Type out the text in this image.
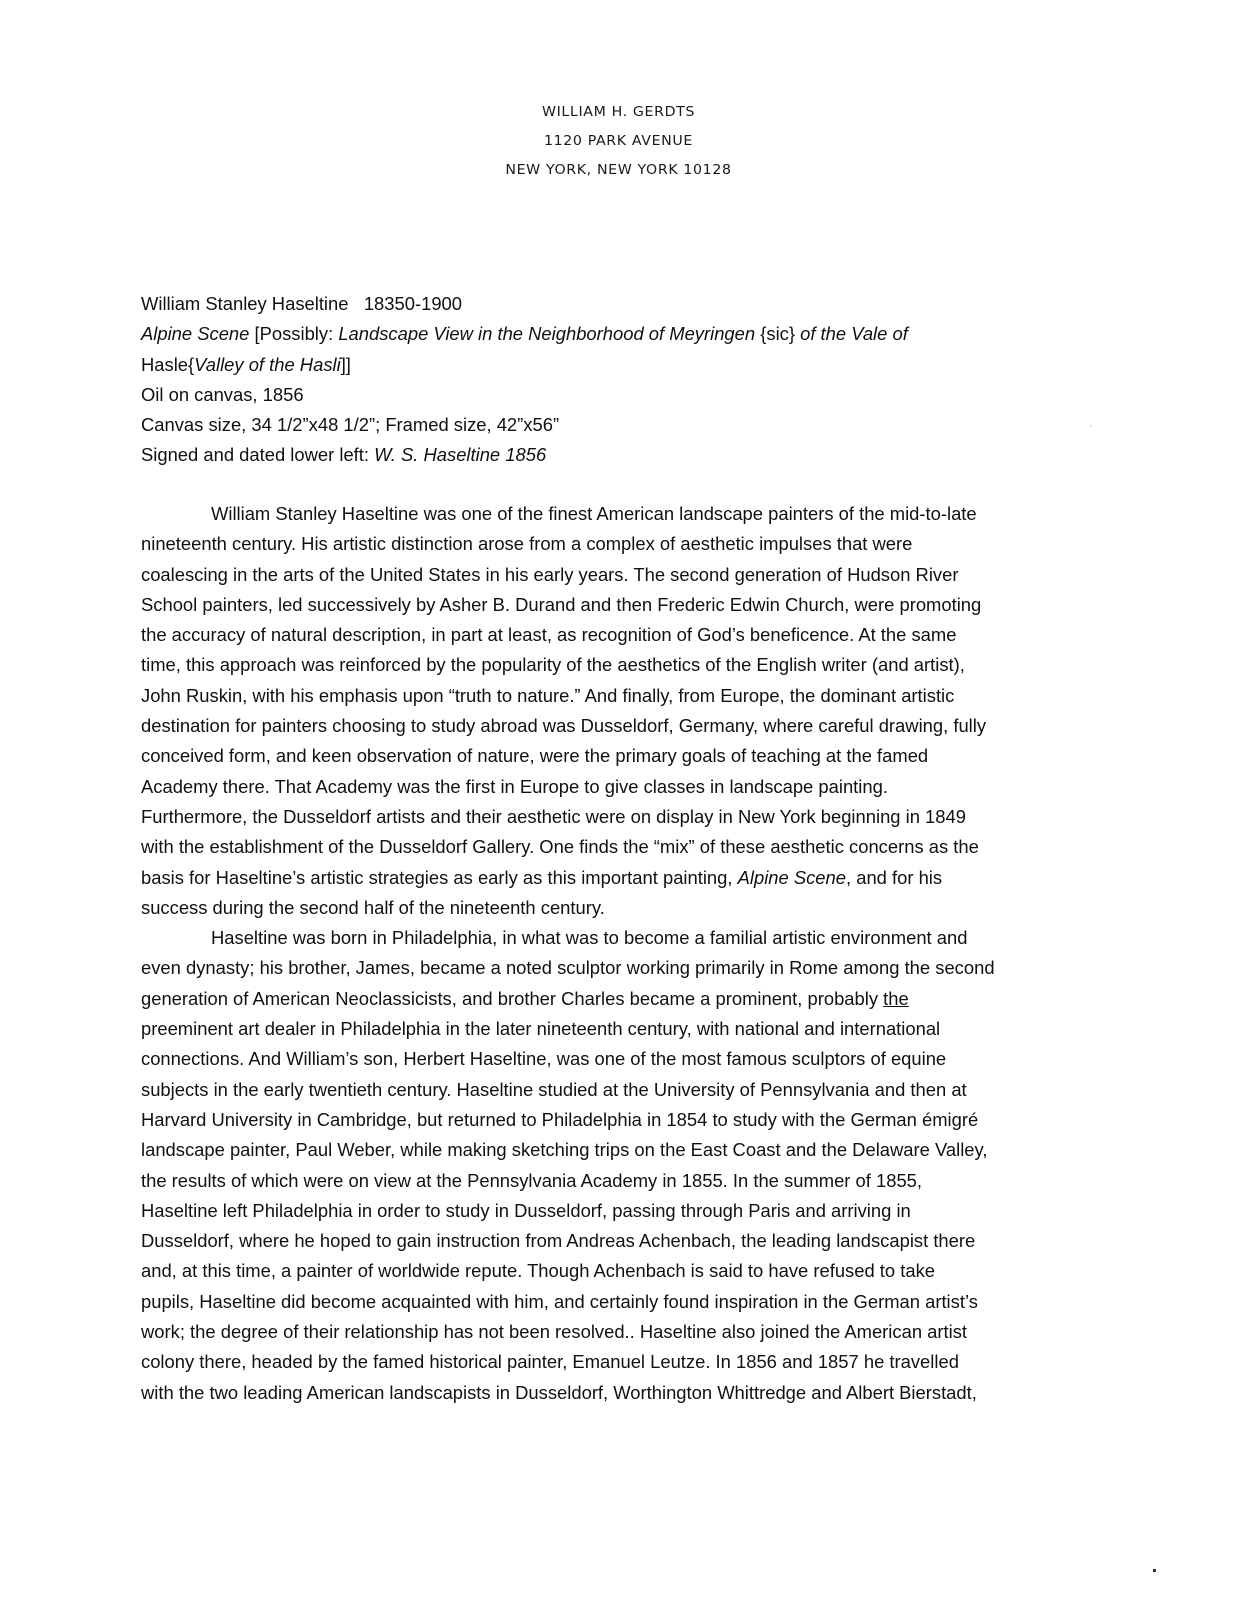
WILLIAM H. GERDTS
1120 PARK AVENUE
NEW YORK, NEW YORK 10128
William Stanley Haseltine 18350-1900
Alpine Scene [Possibly: Landscape View in the Neighborhood of Meyringen {sic} of the Vale of
Hasle{Valley of the Hasli]]
Oil on canvas, 1856
Canvas size, 34 1/2”x48 1/2”; Framed size, 42”x56”
Signed and dated lower left: W. S. Haseltine 1856
William Stanley Haseltine was one of the finest American landscape painters of the mid-to-late
nineteenth century. His artistic distinction arose from a complex of aesthetic impulses that were
coalescing in the arts of the United States in his early years. The second generation of Hudson River
School painters, led successively by Asher B. Durand and then Frederic Edwin Church, were promoting
the accuracy of natural description, in part at least, as recognition of God’s beneficence. At the same
time, this approach was reinforced by the popularity of the aesthetics of the English writer (and artist),
John Ruskin, with his emphasis upon “truth to nature.” And finally, from Europe, the dominant artistic
destination for painters choosing to study abroad was Dusseldorf, Germany, where careful drawing, fully
conceived form, and keen observation of nature, were the primary goals of teaching at the famed
Academy there. That Academy was the first in Europe to give classes in landscape painting.
Furthermore, the Dusseldorf artists and their aesthetic were on display in New York beginning in 1849
with the establishment of the Dusseldorf Gallery. One finds the “mix” of these aesthetic concerns as the
basis for Haseltine’s artistic strategies as early as this important painting, Alpine Scene, and for his
success during the second half of the nineteenth century.
Haseltine was born in Philadelphia, in what was to become a familial artistic environment and
even dynasty; his brother, James, became a noted sculptor working primarily in Rome among the second
generation of American Neoclassicists, and brother Charles became a prominent, probably the
preeminent art dealer in Philadelphia in the later nineteenth century, with national and international
connections. And William’s son, Herbert Haseltine, was one of the most famous sculptors of equine
subjects in the early twentieth century. Haseltine studied at the University of Pennsylvania and then at
Harvard University in Cambridge, but returned to Philadelphia in 1854 to study with the German émigré
landscape painter, Paul Weber, while making sketching trips on the East Coast and the Delaware Valley,
the results of which were on view at the Pennsylvania Academy in 1855. In the summer of 1855,
Haseltine left Philadelphia in order to study in Dusseldorf, passing through Paris and arriving in
Dusseldorf, where he hoped to gain instruction from Andreas Achenbach, the leading landscapist there
and, at this time, a painter of worldwide repute. Though Achenbach is said to have refused to take
pupils, Haseltine did become acquainted with him, and certainly found inspiration in the German artist’s
work; the degree of their relationship has not been resolved.. Haseltine also joined the American artist
colony there, headed by the famed historical painter, Emanuel Leutze. In 1856 and 1857 he travelled
with the two leading American landscapists in Dusseldorf, Worthington Whittredge and Albert Bierstadt,
